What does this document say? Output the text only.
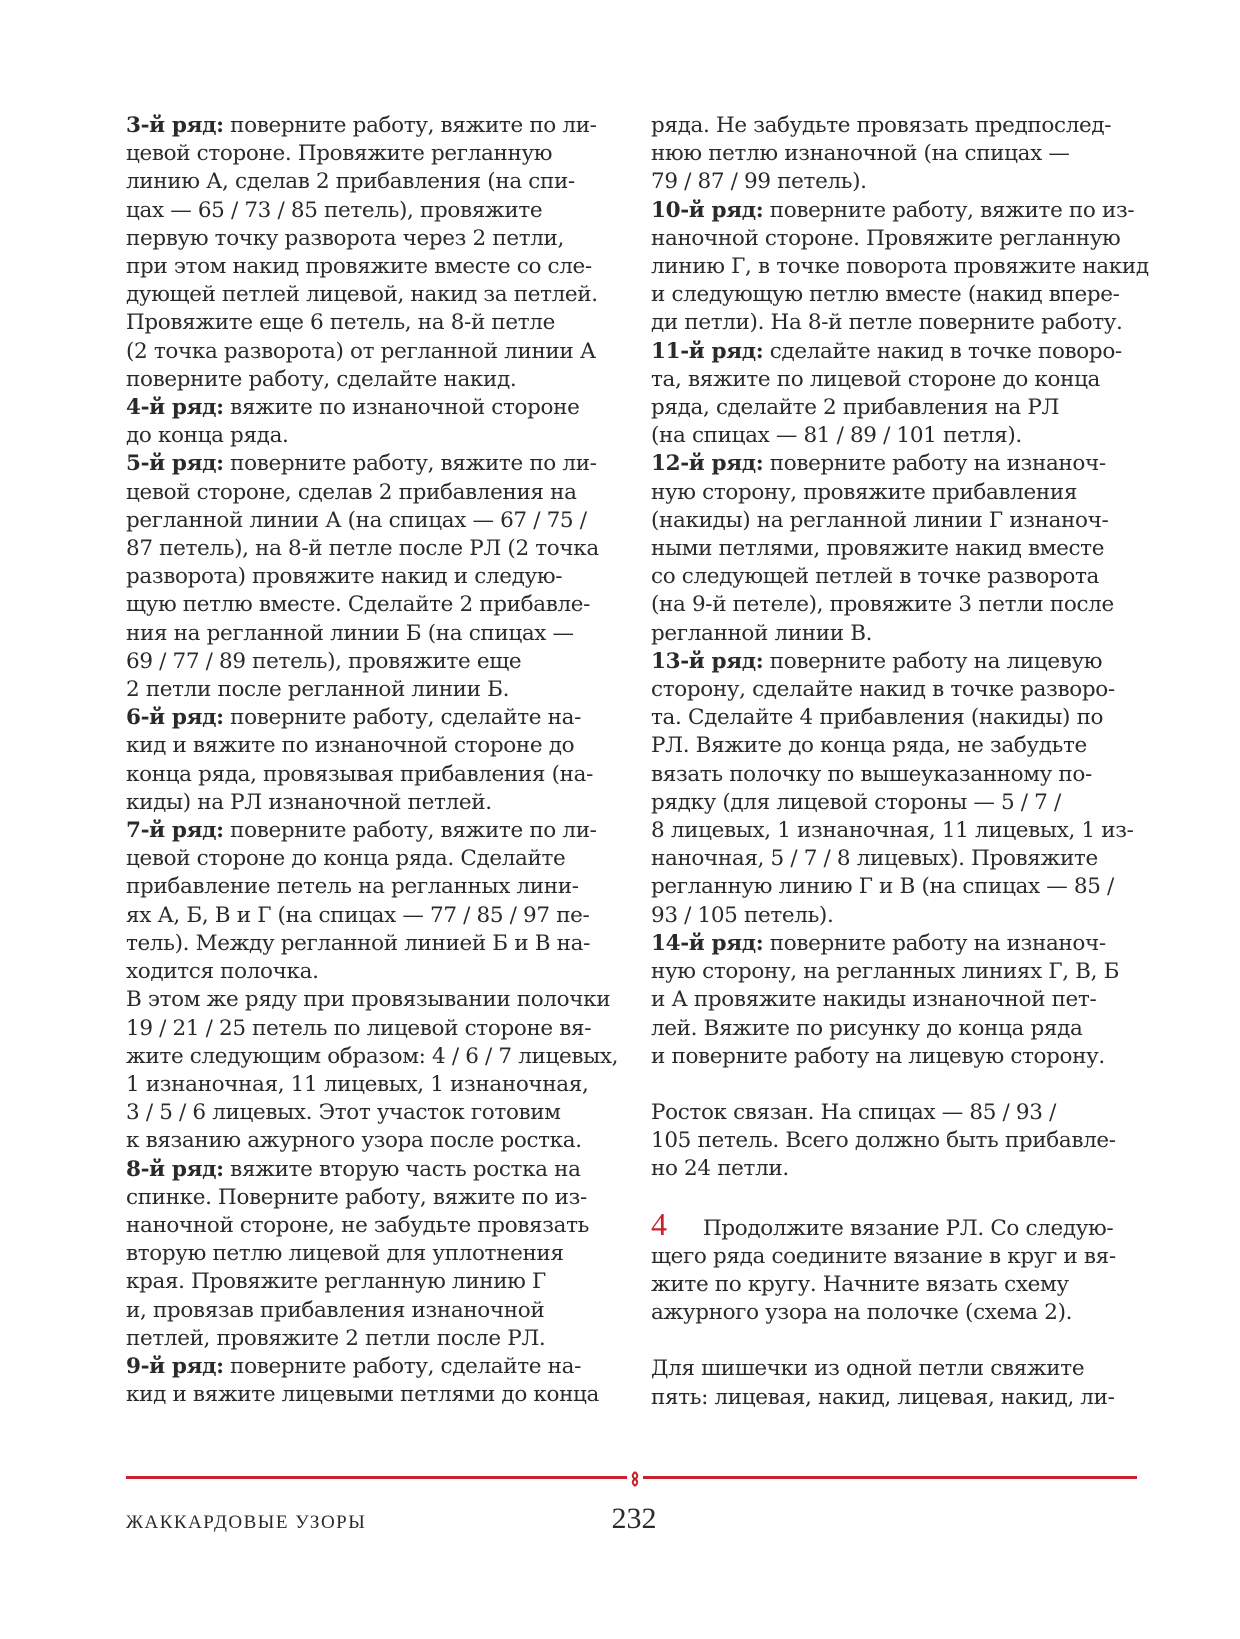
3-й ряд: поверните работу, вяжите по ли-
цевой стороне. Провяжите регланную
линию А, сделав 2 прибавления (на спи-
цах — 65 / 73 / 85 петель), провяжите
первую точку разворота через 2 петли,
при этом накид провяжите вместе со сле-
дующей петлей лицевой, накид за петлей.
Провяжите еще 6 петель, на 8-й петле
(2 точка разворота) от регланной линии А
поверните работу, сделайте накид.
4-й ряд: вяжите по изнаночной стороне
до конца ряда.
5-й ряд: поверните работу, вяжите по ли-
цевой стороне, сделав 2 прибавления на
регланной линии А (на спицах — 67 / 75 /
87 петель), на 8-й петле после РЛ (2 точка
разворота) провяжите накид и следую-
щую петлю вместе. Сделайте 2 прибавле-
ния на регланной линии Б (на спицах —
69 / 77 / 89 петель), провяжите еще
2 петли после регланной линии Б.
6-й ряд: поверните работу, сделайте на-
кид и вяжите по изнаночной стороне до
конца ряда, провязывая прибавления (на-
киды) на РЛ изнаночной петлей.
7-й ряд: поверните работу, вяжите по ли-
цевой стороне до конца ряда. Сделайте
прибавление петель на регланных лини-
ях А, Б, В и Г (на спицах — 77 / 85 / 97 пе-
тель). Между регланной линией Б и В на-
ходится полочка.
В этом же ряду при провязывании полочки
19 / 21 / 25 петель по лицевой стороне вя-
жите следующим образом: 4 / 6 / 7 лицевых,
1 изнаночная, 11 лицевых, 1 изнаночная,
3 / 5 / 6 лицевых. Этот участок готовим
к вязанию ажурного узора после ростка.
8-й ряд: вяжите вторую часть ростка на
спинке. Поверните работу, вяжите по из-
наночной стороне, не забудьте провязать
вторую петлю лицевой для уплотнения
края. Провяжите регланную линию Г
и, провязав прибавления изнаночной
петлей, провяжите 2 петли после РЛ.
9-й ряд: поверните работу, сделайте на-
кид и вяжите лицевыми петлями до конца
ряда. Не забудьте провязать предпослед-
нюю петлю изнаночной (на спицах —
79 / 87 / 99 петель).
10-й ряд: поверните работу, вяжите по из-
наночной стороне. Провяжите регланную
линию Г, в точке поворота провяжите накид
и следующую петлю вместе (накид впере-
ди петли). На 8-й петле поверните работу.
11-й ряд: сделайте накид в точке поворо-
та, вяжите по лицевой стороне до конца
ряда, сделайте 2 прибавления на РЛ
(на спицах — 81 / 89 / 101 петля).
12-й ряд: поверните работу на изнаноч-
ную сторону, провяжите прибавления
(накиды) на регланной линии Г изнаноч-
ными петлями, провяжите накид вместе
со следующей петлей в точке разворота
(на 9-й петеле), провяжите 3 петли после
регланной линии В.
13-й ряд: поверните работу на лицевую
сторону, сделайте накид в точке разворо-
та. Сделайте 4 прибавления (накиды) по
РЛ. Вяжите до конца ряда, не забудьте
вязать полочку по вышеуказанному по-
рядку (для лицевой стороны — 5 / 7 /
8 лицевых, 1 изнаночная, 11 лицевых, 1 из-
наночная, 5 / 7 / 8 лицевых). Провяжите
регланную линию Г и В (на спицах — 85 /
93 / 105 петель).
14-й ряд: поверните работу на изнаноч-
ную сторону, на регланных линиях Г, В, Б
и А провяжите накиды изнаночной пет-
лей. Вяжите по рисунку до конца ряда
и поверните работу на лицевую сторону.
Росток связан. На спицах — 85 / 93 /
105 петель. Всего должно быть прибавле-
но 24 петли.
4 Продолжите вязание РЛ. Со следую-
щего ряда соедините вязание в круг и вя-
жите по кругу. Начните вязать схему
ажурного узора на полочке (схема 2).
Для шишечки из одной петли свяжите
пять: лицевая, накид, лицевая, накид, ли-
ЖАККАРДОВЫЕ УЗОРЫ	232
